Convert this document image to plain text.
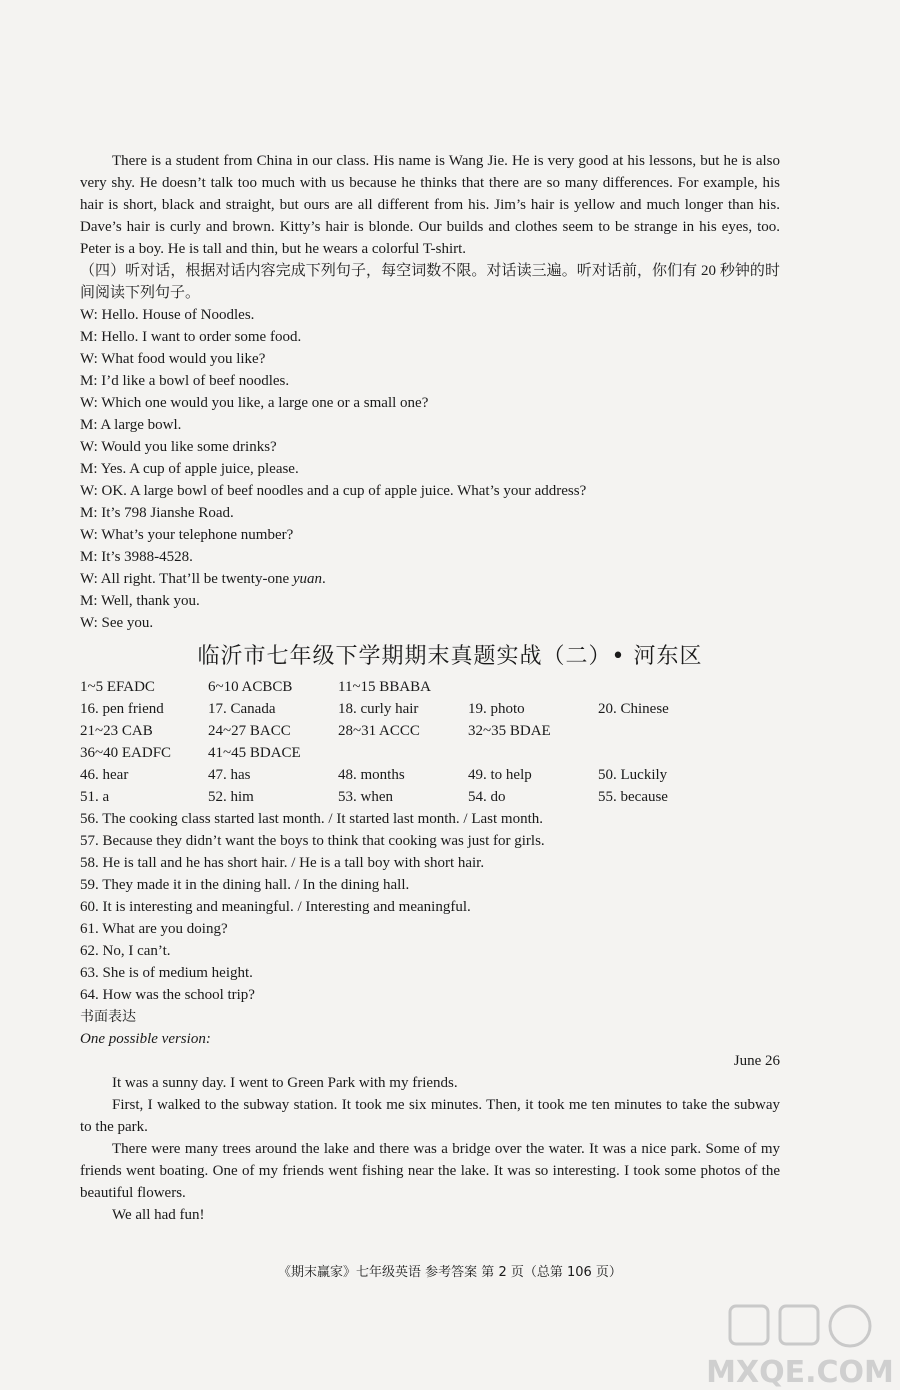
There is a student from China in our class. His name is Wang Jie. He is very good at his lessons, but he is also very shy. He doesn’t talk too much with us because he thinks that there are so many differences. For example, his hair is short, black and straight, but ours are all different from his. Jim’s hair is yellow and much longer than his. Dave’s hair is curly and brown. Kitty’s hair is blonde. Our builds and clothes seem to be strange in his eyes, too. Peter is a boy. He is tall and thin, but he wears a colorful T-shirt.

（四）听对话，根据对话内容完成下列句子，每空词数不限。对话读三遍。听对话前，你们有 20 秒钟的时间阅读下列句子。

W: Hello. House of Noodles.

M: Hello. I want to order some food.

W: What food would you like?

M: I’d like a bowl of beef noodles.

W: Which one would you like, a large one or a small one?

M: A large bowl.

W: Would you like some drinks?

M: Yes. A cup of apple juice, please.

W: OK. A large bowl of beef noodles and a cup of apple juice. What’s your address?

M: It’s 798 Jianshe Road.

W: What’s your telephone number?

M: It’s 3988-4528.

W: All right. That’ll be twenty-one yuan.

M: Well, thank you.

W: See you.

临沂市七年级下学期期末真题实战（二）• 河东区
1~5 EFADC	6~10 ACBCB	11~15 BBABA
16. pen friend	17. Canada	18. curly hair	19. photo	20. Chinese
21~23 CAB	24~27 BACC	28~31 ACCC	32~35 BDAE
36~40 EADFC	41~45 BDACE
46. hear	47. has	48. months	49. to help	50. Luckily
51. a	52. him	53. when	54. do	55. because

56. The cooking class started last month. / It started last month. / Last month.

57. Because they didn’t want the boys to think that cooking was just for girls.

58. He is tall and he has short hair. / He is a tall boy with short hair.

59. They made it in the dining hall. / In the dining hall.

60. It is interesting and meaningful. / Interesting and meaningful.

61. What are you doing?

62. No, I can’t.

63. She is of medium height.

64. How was the school trip?

书面表达

One possible version:

June 26

It was a sunny day. I went to Green Park with my friends.

First, I walked to the subway station. It took me six minutes. Then, it took me ten minutes to take the subway to the park.

There were many trees around the lake and there was a bridge over the water. It was a nice park. Some of my friends went boating. One of my friends went fishing near the lake. It was so interesting. I took some photos of the beautiful flowers.

We all had fun!

《期末赢家》七年级英语 参考答案 第 2 页（总第 106 页）
MXQE.COM
